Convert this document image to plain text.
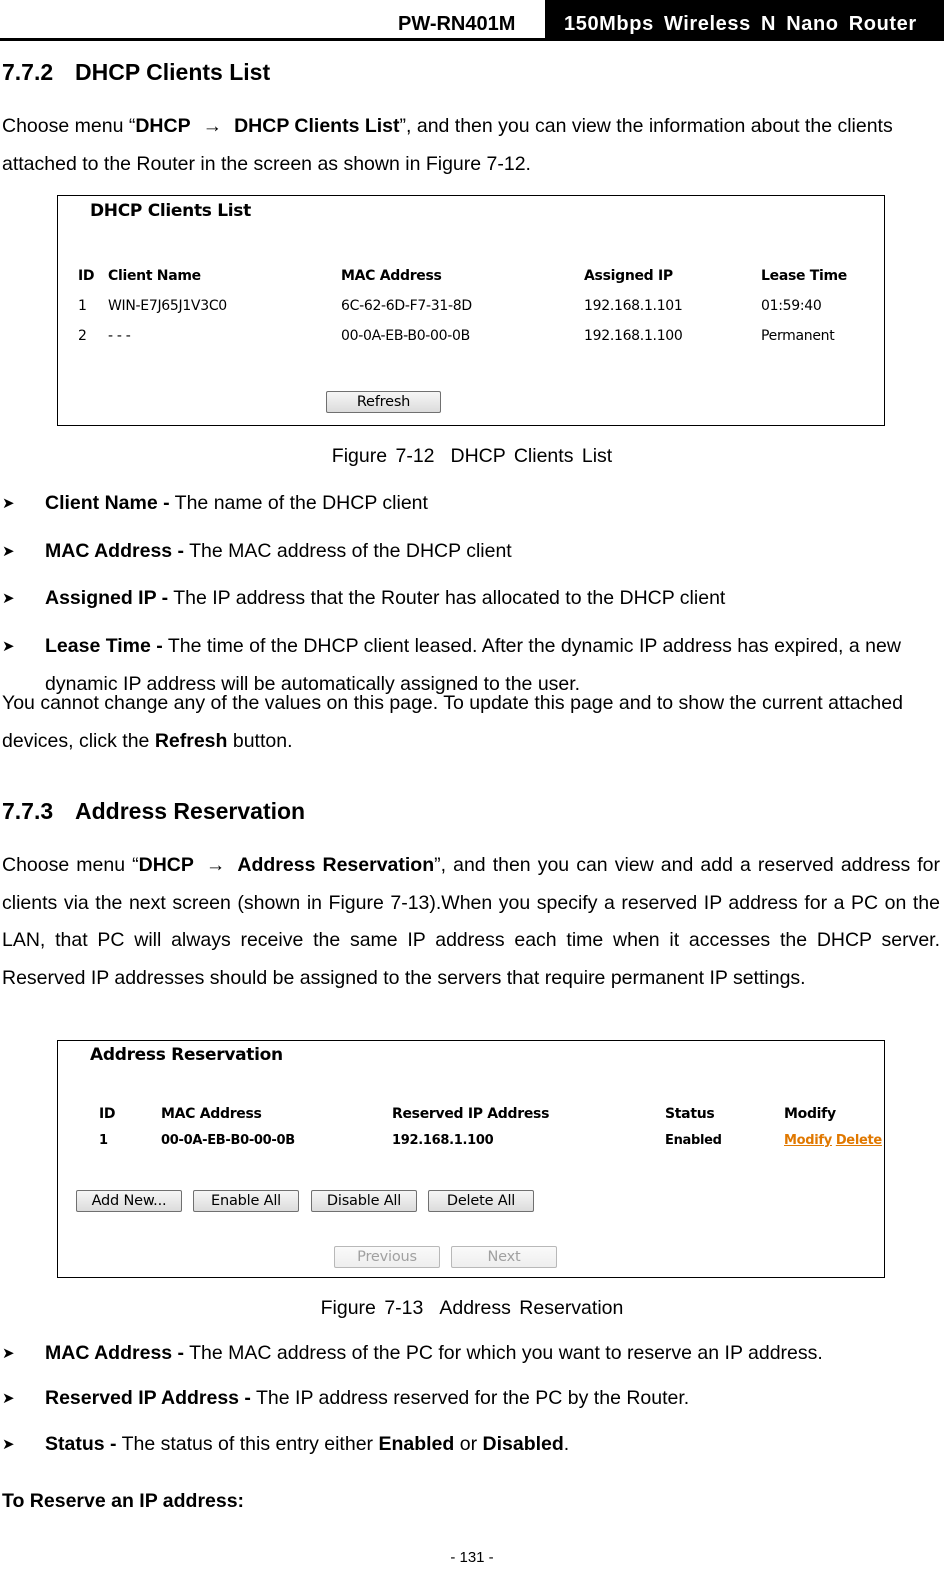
PW-RN401M 150Mbps Wireless N Nano Router
7.7.2 DHCP Clients List
Choose menu “DHCP → DHCP Clients List”, and then you can view the information about the clients attached to the Router in the screen as shown in Figure 7-12.
DHCP Clients List
ID Client Name	MAC Address	Assigned IP	Lease Time
1 WIN-E7J65J1V3C0	6C-62-6D-F7-31-8D	192.168.1.101	01:59:40
2 - - -	00-0A-EB-B0-00-0B	192.168.1.100	Permanent
Refresh
Figure 7-12 DHCP Clients List
➤ Client Name - The name of the DHCP client
➤ MAC Address - The MAC address of the DHCP client
➤ Assigned IP - The IP address that the Router has allocated to the DHCP client
➤ Lease Time - The time of the DHCP client leased. After the dynamic IP address has expired, a new dynamic IP address will be automatically assigned to the user.
You cannot change any of the values on this page. To update this page and to show the current attached devices, click the Refresh button.
7.7.3 Address Reservation
Choose menu “DHCP → Address Reservation”, and then you can view and add a reserved address for clients via the next screen (shown in Figure 7-13).When you specify a reserved IP address for a PC on the LAN, that PC will always receive the same IP address each time when it accesses the DHCP server. Reserved IP addresses should be assigned to the servers that require permanent IP settings.
Address Reservation
ID	MAC Address	Reserved IP Address	Status	Modify
1	00-0A-EB-B0-00-0B	192.168.1.100	Enabled	Modify Delete
Add New...	Enable All	Disable All	Delete All
Previous	Next
Figure 7-13 Address Reservation
➤ MAC Address - The MAC address of the PC for which you want to reserve an IP address.
➤ Reserved IP Address - The IP address reserved for the PC by the Router.
➤ Status - The status of this entry either Enabled or Disabled.
To Reserve an IP address:
- 131 -
